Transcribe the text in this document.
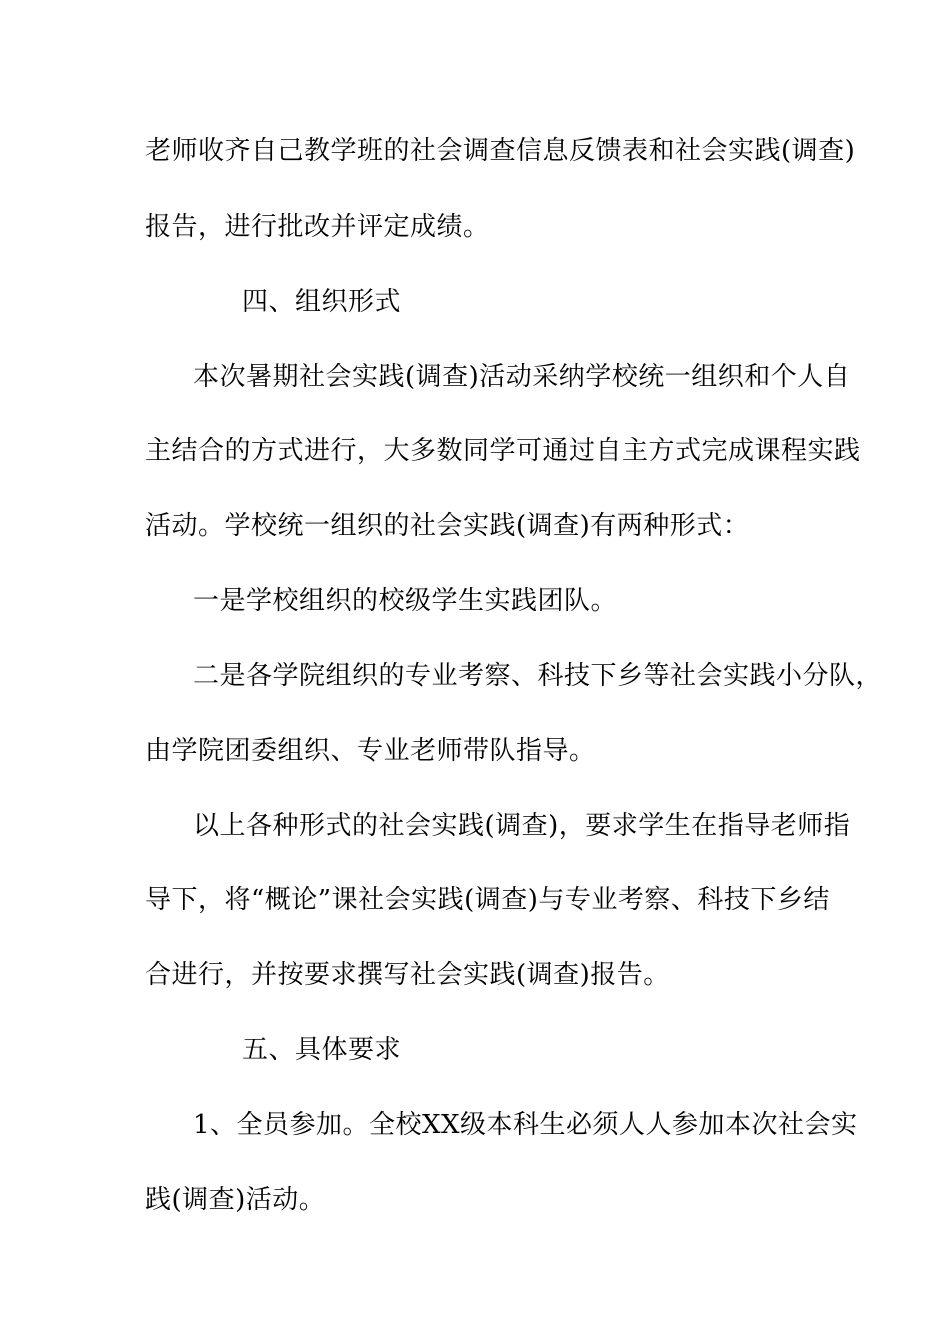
老师收齐自己教学班的社会调查信息反馈表和社会实践(调查)
报告，进行批改并评定成绩。
四、组织形式
本次暑期社会实践(调查)活动采纳学校统一组织和个人自
主结合的方式进行，大多数同学可通过自主方式完成课程实践
活动。学校统一组织的社会实践(调查)有两种形式：
一是学校组织的校级学生实践团队。
二是各学院组织的专业考察、科技下乡等社会实践小分队，
由学院团委组织、专业老师带队指导。
以上各种形式的社会实践(调查)，要求学生在指导老师指
导下，将“概论”课社会实践(调查)与专业考察、科技下乡结
合进行，并按要求撰写社会实践(调查)报告。
五、具体要求
1、全员参加。全校XX级本科生必须人人参加本次社会实
践(调查)活动。
